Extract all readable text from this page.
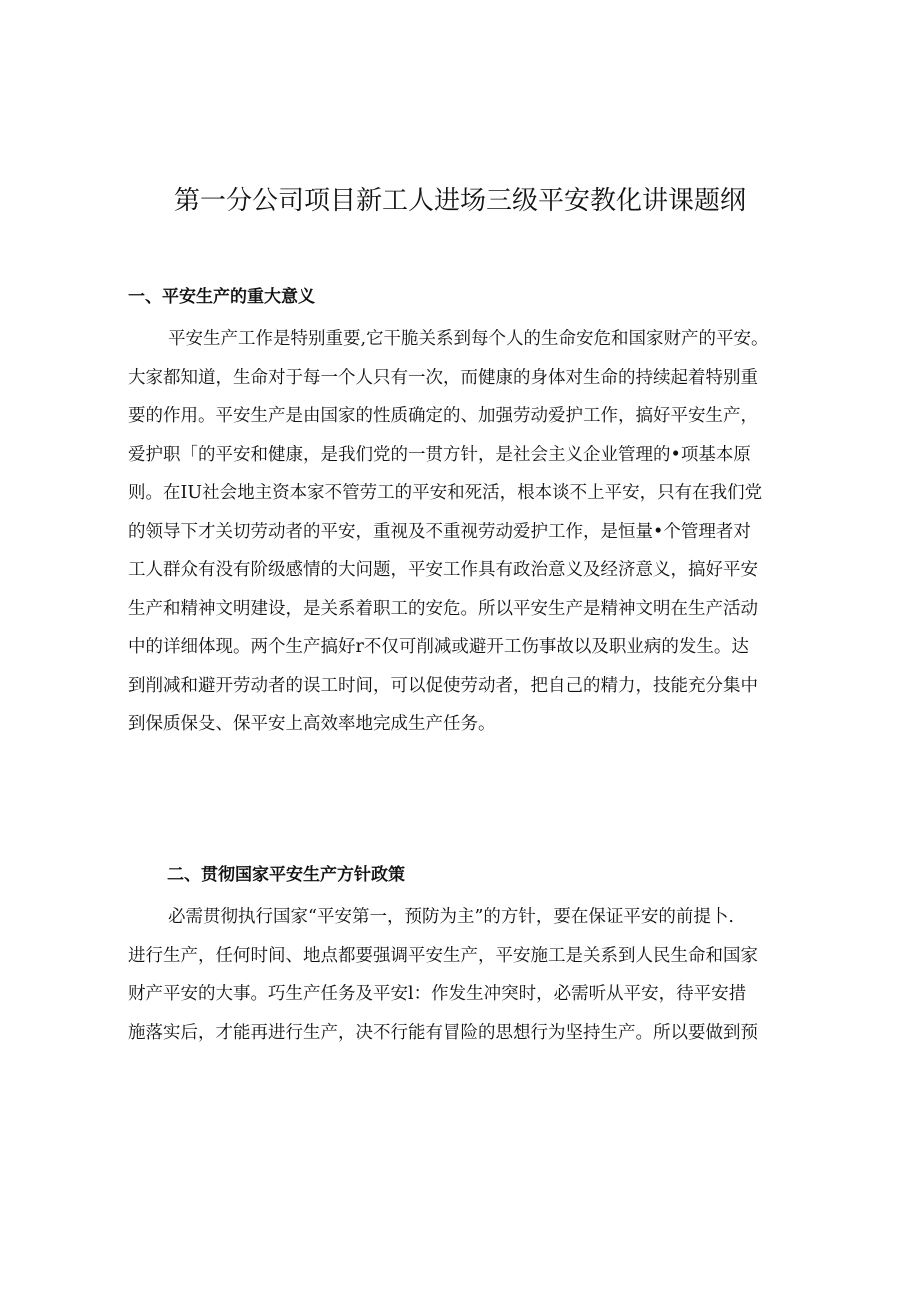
第一分公司项目新工人进场三级平安教化讲课题纲
一、平安生产的重大意义
平安生产工作是特别重要,它干脆关系到每个人的生命安危和国家财产的平安。
大家都知道，生命对于每一个人只有一次，而健康的身体对生命的持续起着特别重
要的作用。平安生产是由国家的性质确定的、加强劳动爱护工作，搞好平安生产，
爱护职「的平安和健康，是我们党的一贯方针，是社会主义企业管理的•项基本原
则。在IU社会地主资本家不管劳工的平安和死活，根本谈不上平安，只有在我们党
的领导下才关切劳动者的平安，重视及不重视劳动爱护工作，是恒量•个管理者对
工人群众有没有阶级感情的大问题，平安工作具有政治意义及经济意义，搞好平安
生产和精神文明建设，是关系着职工的安危。所以平安生产是精神文明在生产活动
中的详细体现。两个生产搞好r不仅可削减或避开工伤事故以及职业病的发生。达
到削减和避开劳动者的误工时间，可以促使劳动者，把自己的精力，技能充分集中
到保质保殳、保平安上高效率地完成生产任务。
二、贯彻国家平安生产方针政策
必需贯彻执行国家“平安第一，预防为主”的方针，要在保证平安的前提卜.
进行生产，任何时间、地点都要强调平安生产，平安施工是关系到人民生命和国家
财产平安的大事。巧生产任务及平安l：作发生冲突时，必需听从平安，待平安措
施落实后，才能再进行生产，决不行能有冒险的思想行为坚持生产。所以要做到预
